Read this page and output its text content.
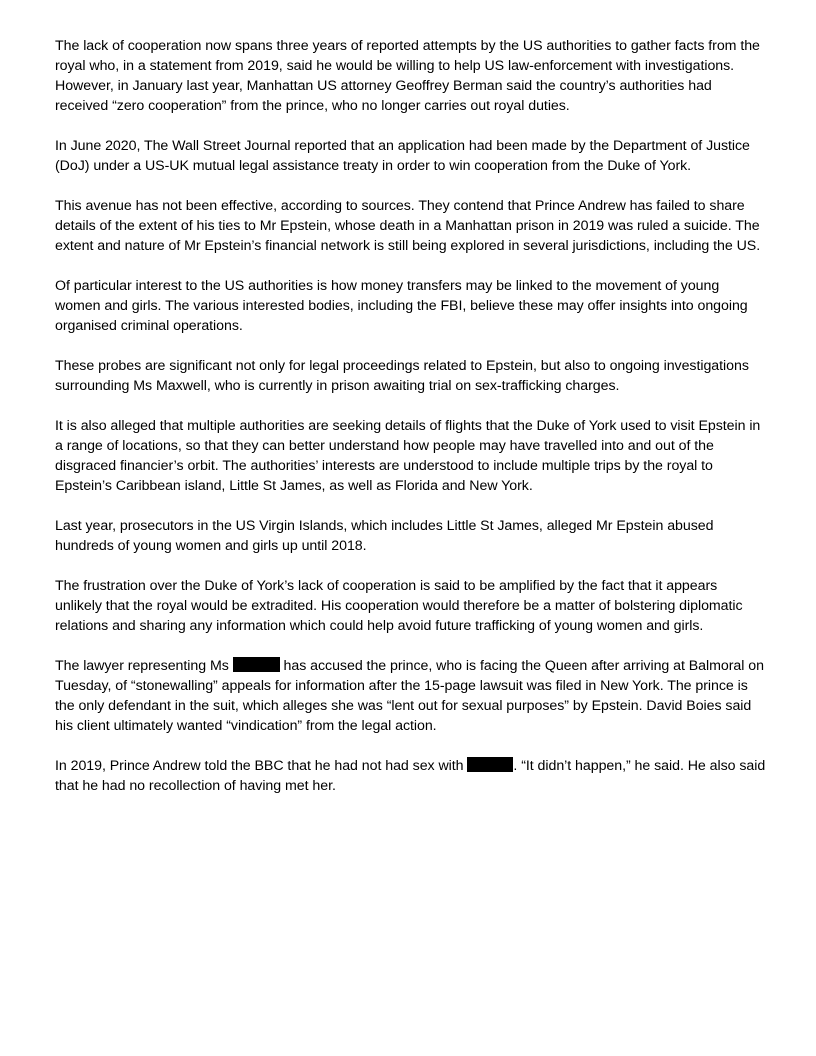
The lack of cooperation now spans three years of reported attempts by the US authorities to gather facts from the royal who, in a statement from 2019, said he would be willing to help US law-enforcement with investigations. However, in January last year, Manhattan US attorney Geoffrey Berman said the country’s authorities had received “zero cooperation” from the prince, who no longer carries out royal duties.

In June 2020, The Wall Street Journal reported that an application had been made by the Department of Justice (DoJ) under a US-UK mutual legal assistance treaty in order to win cooperation from the Duke of York.

This avenue has not been effective, according to sources. They contend that Prince Andrew has failed to share details of the extent of his ties to Mr Epstein, whose death in a Manhattan prison in 2019 was ruled a suicide. The extent and nature of Mr Epstein’s financial network is still being explored in several jurisdictions, including the US.

Of particular interest to the US authorities is how money transfers may be linked to the movement of young women and girls. The various interested bodies, including the FBI, believe these may offer insights into ongoing organised criminal operations.

These probes are significant not only for legal proceedings related to Epstein, but also to ongoing investigations surrounding Ms Maxwell, who is currently in prison awaiting trial on sex-trafficking charges.

It is also alleged that multiple authorities are seeking details of flights that the Duke of York used to visit Epstein in a range of locations, so that they can better understand how people may have travelled into and out of the disgraced financier’s orbit. The authorities’ interests are understood to include multiple trips by the royal to Epstein’s Caribbean island, Little St James, as well as Florida and New York.

Last year, prosecutors in the US Virgin Islands, which includes Little St James, alleged Mr Epstein abused hundreds of young women and girls up until 2018.

The frustration over the Duke of York’s lack of cooperation is said to be amplified by the fact that it appears unlikely that the royal would be extradited. His cooperation would therefore be a matter of bolstering diplomatic relations and sharing any information which could help avoid future trafficking of young women and girls.

The lawyer representing Ms	has accused the prince, who is facing the Queen after arriving at Balmoral on Tuesday, of “stonewalling” appeals for information after the 15-page lawsuit was filed in New York. The prince is the only defendant in the suit, which alleges she was “lent out for sexual purposes” by Epstein. David Boies said his client ultimately wanted “vindication” from the legal action.

In 2019, Prince Andrew told the BBC that he had not had sex with	. “It didn’t happen,” he said. He also said that he had no recollection of having met her.
